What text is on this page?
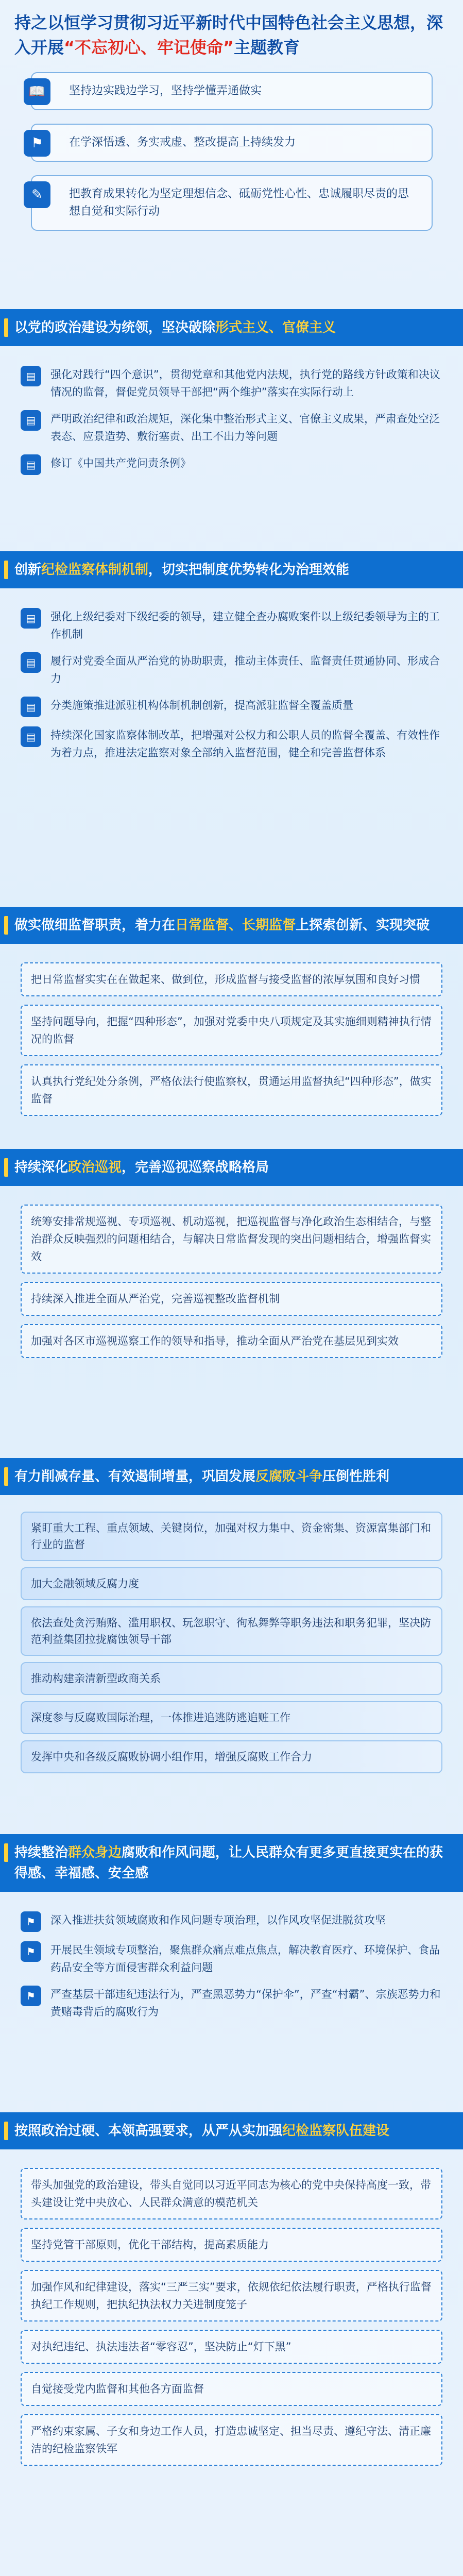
持之以恒学习贯彻习近平新时代中国特色社会主义思想，深入开展“不忘初心、牢记使命”主题教育
📖	坚持边实践边学习，坚持学懂弄通做实
⚑	在学深悟透、务实戒虚、整改提高上持续发力
✎	把教育成果转化为坚定理想信念、砥砺党性心性、忠诚履职尽责的思想自觉和实际行动
以党的政治建设为统领，坚决破除形式主义、官僚主义
▤	强化对践行“四个意识”，贯彻党章和其他党内法规，执行党的路线方针政策和决议情况的监督，督促党员领导干部把“两个维护”落实在实际行动上
▤	严明政治纪律和政治规矩，深化集中整治形式主义、官僚主义成果，严肃查处空泛表态、应景造势、敷衍塞责、出工不出力等问题
▤	修订《中国共产党问责条例》
创新纪检监察体制机制，切实把制度优势转化为治理效能
▤	强化上级纪委对下级纪委的领导，建立健全查办腐败案件以上级纪委领导为主的工作机制
▤	履行对党委全面从严治党的协助职责，推动主体责任、监督责任贯通协同、形成合力
▤	分类施策推进派驻机构体制机制创新，提高派驻监督全覆盖质量
▤	持续深化国家监察体制改革，把增强对公权力和公职人员的监督全覆盖、有效性作为着力点，推进法定监察对象全部纳入监督范围，健全和完善监督体系
做实做细监督职责，着力在日常监督、长期监督上探索创新、实现突破
把日常监督实实在在做起来、做到位，形成监督与接受监督的浓厚氛围和良好习惯
坚持问题导向，把握“四种形态”，加强对党委中央八项规定及其实施细则精神执行情况的监督
认真执行党纪处分条例，严格依法行使监察权，贯通运用监督执纪“四种形态”，做实监督
持续深化政治巡视，完善巡视巡察战略格局
统筹安排常规巡视、专项巡视、机动巡视，把巡视监督与净化政治生态相结合，与整治群众反映强烈的问题相结合，与解决日常监督发现的突出问题相结合，增强监督实效
持续深入推进全面从严治党，完善巡视整改监督机制
加强对各区市巡视巡察工作的领导和指导，推动全面从严治党在基层见到实效
有力削减存量、有效遏制增量，巩固发展反腐败斗争压倒性胜利
紧盯重大工程、重点领域、关键岗位，加强对权力集中、资金密集、资源富集部门和行业的监督
加大金融领域反腐力度
依法查处贪污贿赂、滥用职权、玩忽职守、徇私舞弊等职务违法和职务犯罪，坚决防范利益集团拉拢腐蚀领导干部
推动构建亲清新型政商关系
深度参与反腐败国际治理，一体推进追逃防逃追赃工作
发挥中央和各级反腐败协调小组作用，增强反腐败工作合力
持续整治群众身边腐败和作风问题，让人民群众有更多更直接更实在的获得感、幸福感、安全感
⚑	深入推进扶贫领域腐败和作风问题专项治理，以作风攻坚促进脱贫攻坚
⚑	开展民生领域专项整治，聚焦群众痛点难点焦点，解决教育医疗、环境保护、食品药品安全等方面侵害群众利益问题
⚑	严查基层干部违纪违法行为，严查黑恶势力“保护伞”，严查“村霸”、宗族恶势力和黄赌毒背后的腐败行为
按照政治过硬、本领高强要求，从严从实加强纪检监察队伍建设
带头加强党的政治建设，带头自觉同以习近平同志为核心的党中央保持高度一致，带头建设让党中央放心、人民群众满意的模范机关
坚持党管干部原则，优化干部结构，提高素质能力
加强作风和纪律建设，落实“三严三实”要求，依规依纪依法履行职责，严格执行监督执纪工作规则，把执纪执法权力关进制度笼子
对执纪违纪、执法违法者“零容忍”，坚决防止“灯下黑”
自觉接受党内监督和其他各方面监督
严格约束家属、子女和身边工作人员，打造忠诚坚定、担当尽责、遵纪守法、清正廉洁的纪检监察铁军
